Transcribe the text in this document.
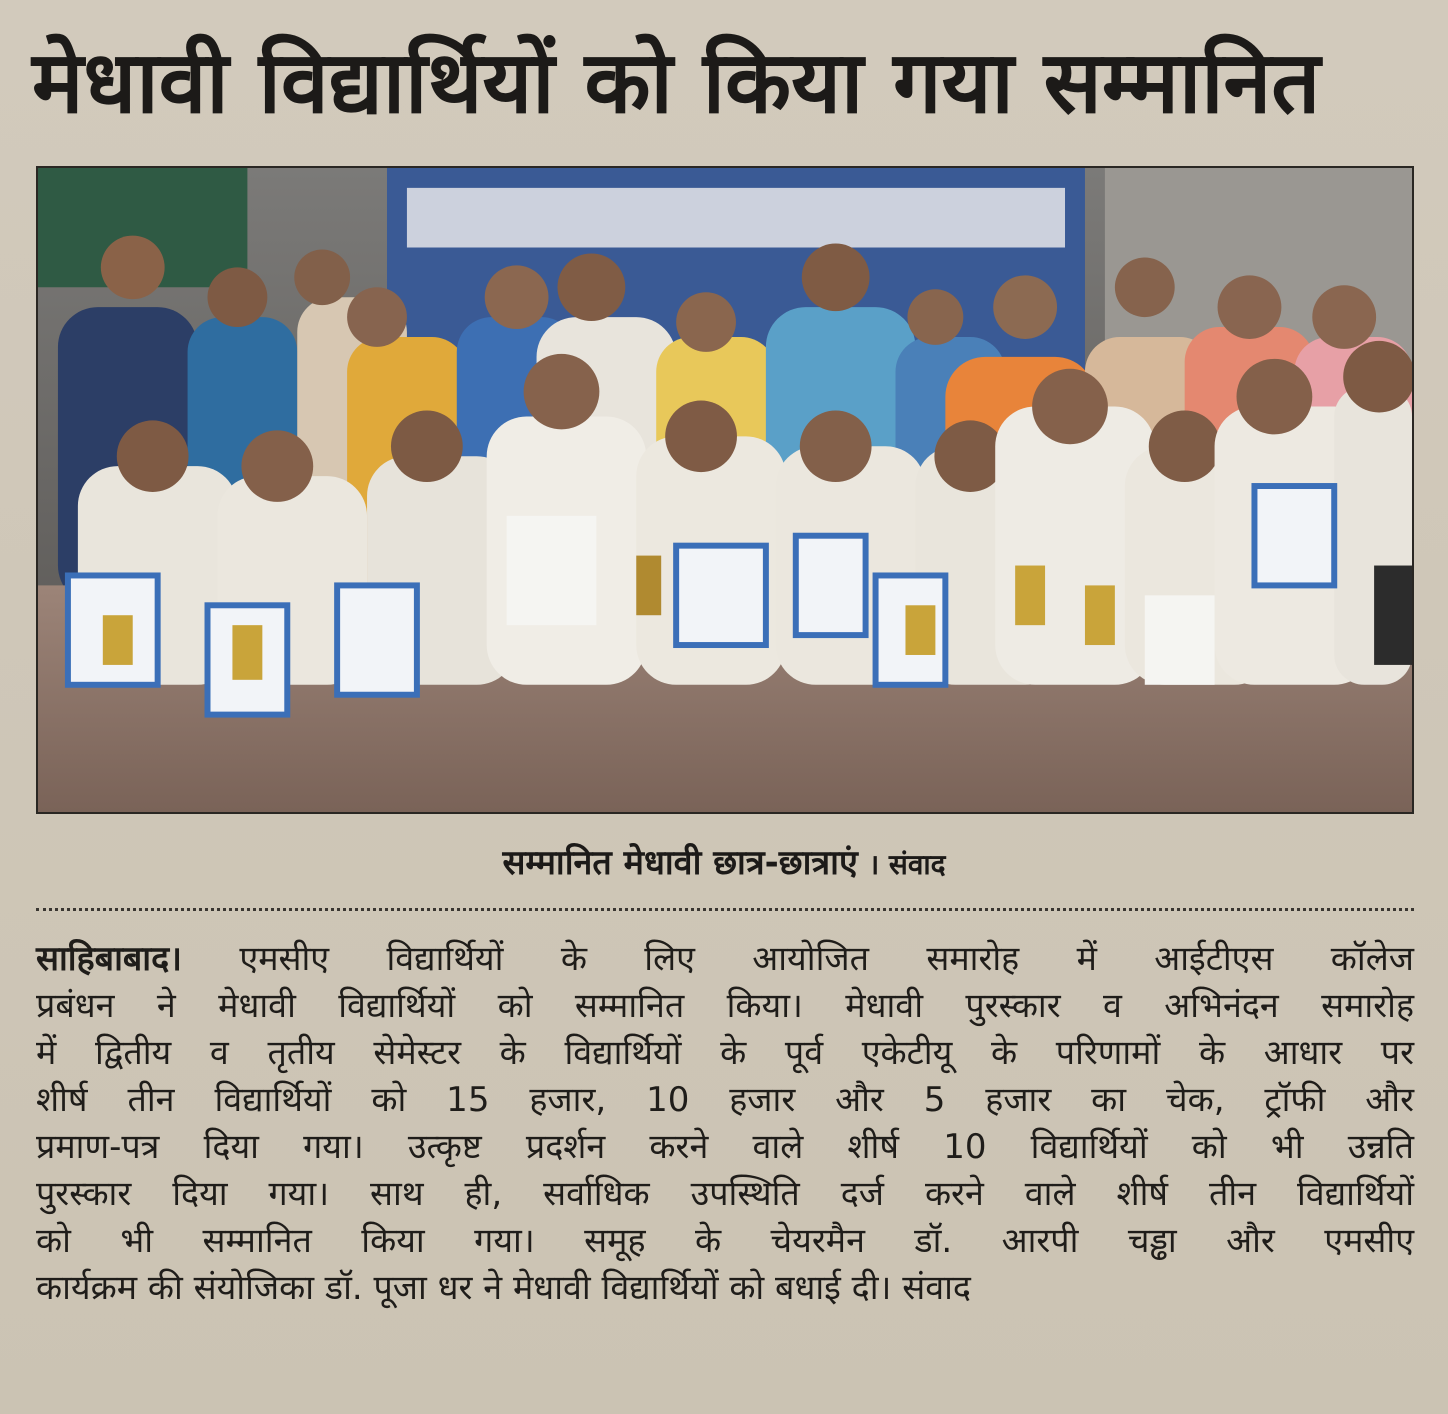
मेधावी विद्यार्थियों को किया गया सम्मानित
सम्मानित मेधावी छात्र-छात्राएं । संवाद
साहिबाबाद। एमसीए विद्यार्थियों के लिए आयोजित समारोह में आईटीएस कॉलेज
प्रबंधन ने मेधावी विद्यार्थियों को सम्मानित किया। मेधावी पुरस्कार व अभिनंदन समारोह
में द्वितीय व तृतीय सेमेस्टर के विद्यार्थियों के पूर्व एकेटीयू के परिणामों के आधार पर
शीर्ष तीन विद्यार्थियों को 15 हजार, 10 हजार और 5 हजार का चेक, ट्रॉफी और
प्रमाण-पत्र दिया गया। उत्कृष्ट प्रदर्शन करने वाले शीर्ष 10 विद्यार्थियों को भी उन्नति
पुरस्कार दिया गया। साथ ही, सर्वाधिक उपस्थिति दर्ज करने वाले शीर्ष तीन विद्यार्थियों
को भी सम्मानित किया गया। समूह के चेयरमैन डॉ. आरपी चड्ढा और एमसीए
कार्यक्रम की संयोजिका डॉ. पूजा धर ने मेधावी विद्यार्थियों को बधाई दी। संवाद
